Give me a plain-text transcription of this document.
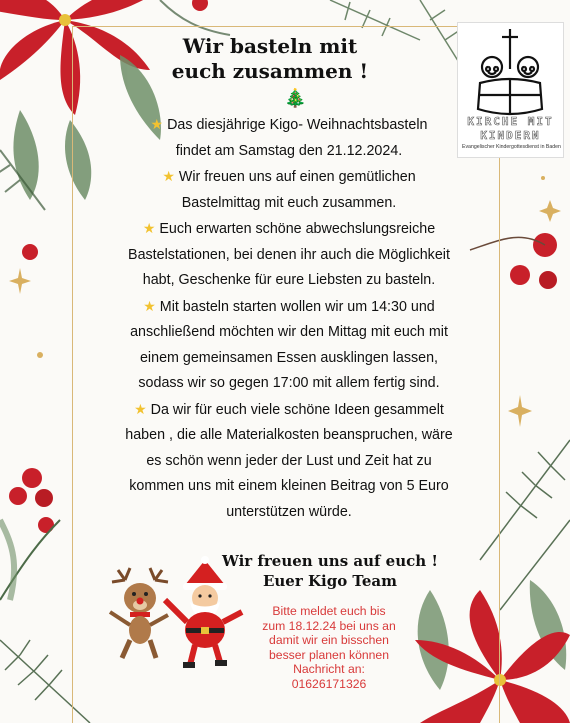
KIRCHE MIT
KINDERN
Evangelischer Kindergottesdienst in Baden
Wir basteln mit
euch zusammen !
🎄

★ Das diesjährige Kigo- Weihnachtsbasteln
findet am Samstag den 21.12.2024.

★ Wir freuen uns auf einen gemütlichen
Bastelmittag mit euch zusammen.

★ Euch erwarten schöne abwechslungsreiche
Bastelstationen, bei denen ihr auch die Möglichkeit
habt, Geschenke für eure Liebsten zu basteln.

★ Mit basteln starten wollen wir um 14:30 und
anschließend möchten wir den Mittag mit euch mit
einem gemeinsamen Essen ausklingen lassen,
sodass wir so gegen 17:00 mit allem fertig sind.

★ Da wir für euch viele schöne Ideen gesammelt
haben , die alle Materialkosten beanspruchen, wäre
es schön wenn jeder der Lust und Zeit hat zu
kommen uns mit einem kleinen Beitrag von 5 Euro
unterstützen würde.

Wir freuen uns auf euch !
Euer Kigo Team
Bitte meldet euch bis
zum 18.12.24 bei uns an
damit wir ein bisschen
besser planen können
Nachricht an:
01626171326
